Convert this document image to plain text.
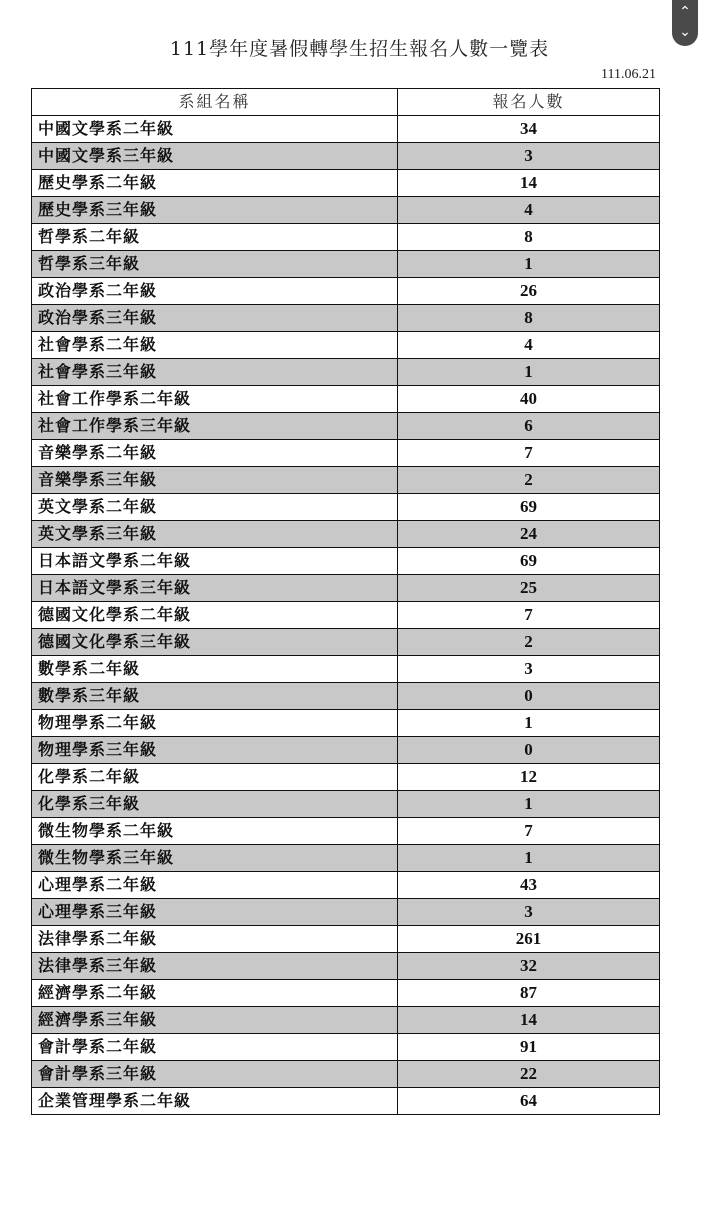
111學年度暑假轉學生招生報名人數一覽表
111.06.21
系組名稱	報名人數
中國文學系二年級	34
中國文學系三年級	3
歷史學系二年級	14
歷史學系三年級	4
哲學系二年級	8
哲學系三年級	1
政治學系二年級	26
政治學系三年級	8
社會學系二年級	4
社會學系三年級	1
社會工作學系二年級	40
社會工作學系三年級	6
音樂學系二年級	7
音樂學系三年級	2
英文學系二年級	69
英文學系三年級	24
日本語文學系二年級	69
日本語文學系三年級	25
德國文化學系二年級	7
德國文化學系三年級	2
數學系二年級	3
數學系三年級	0
物理學系二年級	1
物理學系三年級	0
化學系二年級	12
化學系三年級	1
微生物學系二年級	7
微生物學系三年級	1
心理學系二年級	43
心理學系三年級	3
法律學系二年級	261
法律學系三年級	32
經濟學系二年級	87
經濟學系三年級	14
會計學系二年級	91
會計學系三年級	22
企業管理學系二年級	64
⌃
⌄
